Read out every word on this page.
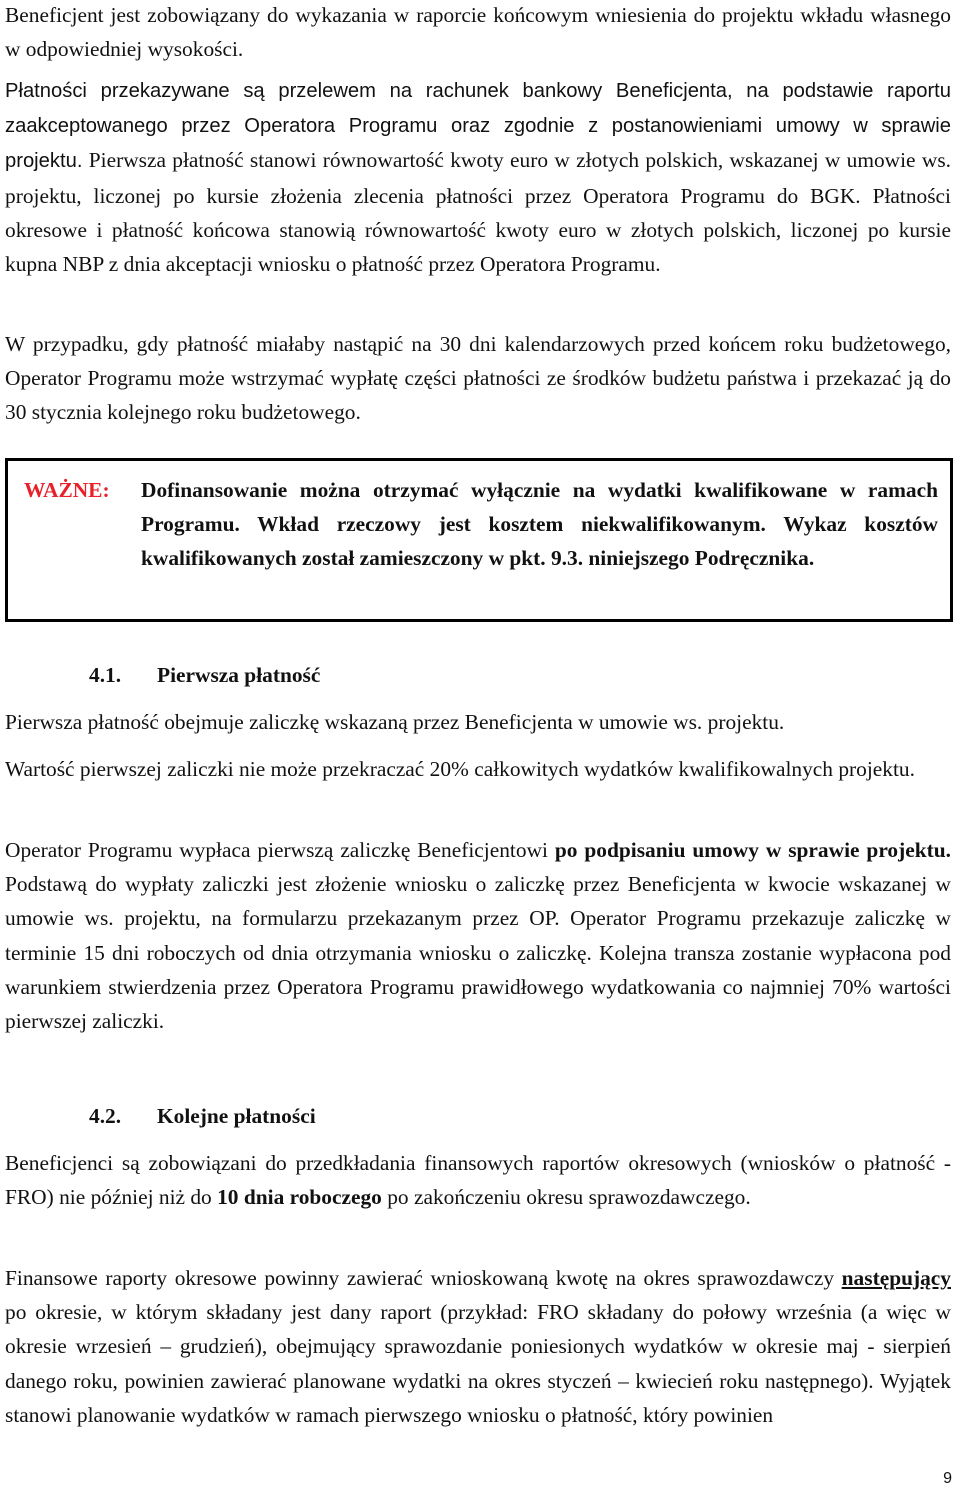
Beneficjent jest zobowiązany do wykazania w raporcie końcowym wniesienia do projektu wkładu własnego w odpowiedniej wysokości.

Płatności przekazywane są przelewem na rachunek bankowy Beneficjenta, na podstawie raportu zaakceptowanego przez Operatora Programu oraz zgodnie z postanowieniami umowy w sprawie projektu. Pierwsza płatność stanowi równowartość kwoty euro w złotych polskich, wskazanej w umowie ws. projektu, liczonej po kursie złożenia zlecenia płatności przez Operatora Programu do BGK. Płatności okresowe i płatność końcowa stanowią równowartość kwoty euro w złotych polskich, liczonej po kursie kupna NBP z dnia akceptacji wniosku o płatność przez Operatora Programu.

W przypadku, gdy płatność miałaby nastąpić na 30 dni kalendarzowych przed końcem roku budżetowego, Operator Programu może wstrzymać wypłatę części płatności ze środków budżetu państwa i przekazać ją do 30 stycznia kolejnego roku budżetowego.

WAŻNE: Dofinansowanie można otrzymać wyłącznie na wydatki kwalifikowane w ramach Programu. Wkład rzeczowy jest kosztem niekwalifikowanym. Wykaz kosztów kwalifikowanych został zamieszczony w pkt. 9.3. niniejszego Podręcznika.
4.1. Pierwsza płatność

Pierwsza płatność obejmuje zaliczkę wskazaną przez Beneficjenta w umowie ws. projektu.

Wartość pierwszej zaliczki nie może przekraczać 20% całkowitych wydatków kwalifikowalnych projektu.

Operator Programu wypłaca pierwszą zaliczkę Beneficjentowi po podpisaniu umowy w sprawie projektu. Podstawą do wypłaty zaliczki jest złożenie wniosku o zaliczkę przez Beneficjenta w kwocie wskazanej w umowie ws. projektu, na formularzu przekazanym przez OP. Operator Programu przekazuje zaliczkę w terminie 15 dni roboczych od dnia otrzymania wniosku o zaliczkę. Kolejna transza zostanie wypłacona pod warunkiem stwierdzenia przez Operatora Programu prawidłowego wydatkowania co najmniej 70% wartości pierwszej zaliczki.

4.2. Kolejne płatności

Beneficjenci są zobowiązani do przedkładania finansowych raportów okresowych (wniosków o płatność - FRO) nie później niż do 10 dnia roboczego po zakończeniu okresu sprawozdawczego.

Finansowe raporty okresowe powinny zawierać wnioskowaną kwotę na okres sprawozdawczy następujący po okresie, w którym składany jest dany raport (przykład: FRO składany do połowy września (a więc w okresie wrzesień – grudzień), obejmujący sprawozdanie poniesionych wydatków w okresie maj - sierpień danego roku, powinien zawierać planowane wydatki na okres styczeń – kwiecień roku następnego). Wyjątek stanowi planowanie wydatków w ramach pierwszego wniosku o płatność, który powinien

9
